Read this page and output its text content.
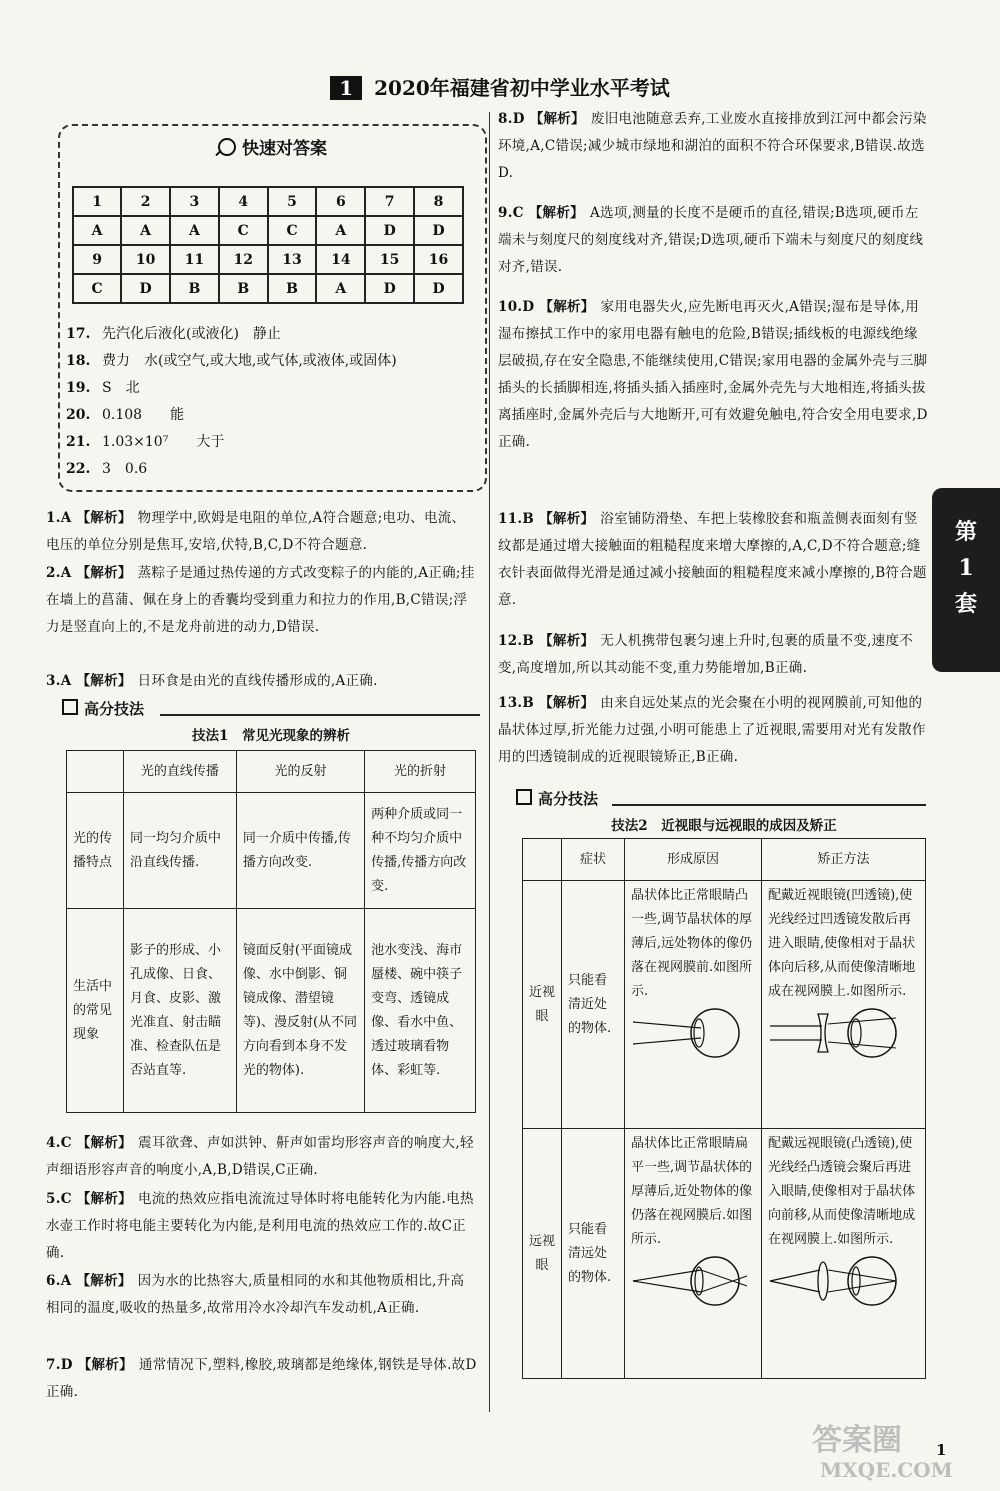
1 2020年福建省初中学业水平考试
快速对答案
1	2	3	4	5	6	7	8
A	A	A	C	C	A	D	D
9	10	11	12	13	14	15	16
C	D	B	B	B	A	D	D
17. 先汽化后液化(或液化)　静止
18. 费力　水(或空气,或大地,或气体,或液体,或固体)
19. S　北
20. 0.108　　能
21. 1.03×10⁷　　大于
22. 3　0.6
1.A 【解析】 物理学中,欧姆是电阻的单位,A符合题意;电功、电流、电压的单位分别是焦耳,安培,伏特,B,C,D不符合题意.
2.A 【解析】 蒸粽子是通过热传递的方式改变粽子的内能的,A正确;挂在墙上的菖蒲、佩在身上的香囊均受到重力和拉力的作用,B,C错误;浮力是竖直向上的,不是龙舟前进的动力,D错误.
3.A 【解析】 日环食是由光的直线传播形成的,A正确.
高分技法
技法1　常见光现象的辨析
	光的直线传播	光的反射	光的折射
光的传播特点	同一均匀介质中沿直线传播.	同一介质中传播,传播方向改变.	两种介质或同一种不均匀介质中传播,传播方向改变.
生活中的常见现象	影子的形成、小孔成像、日食、月食、皮影、激光准直、射击瞄准、检查队伍是否站直等.	镜面反射(平面镜成像、水中倒影、铜镜成像、潜望镜等)、漫反射(从不同方向看到本身不发光的物体).	池水变浅、海市蜃楼、碗中筷子变弯、透镜成像、看水中鱼、透过玻璃看物体、彩虹等.
4.C 【解析】 震耳欲聋、声如洪钟、鼾声如雷均形容声音的响度大,轻声细语形容声音的响度小,A,B,D错误,C正确.
5.C 【解析】 电流的热效应指电流流过导体时将电能转化为内能.电热水壶工作时将电能主要转化为内能,是利用电流的热效应工作的.故C正确.
6.A 【解析】 因为水的比热容大,质量相同的水和其他物质相比,升高相同的温度,吸收的热量多,故常用冷水冷却汽车发动机,A正确.
7.D 【解析】 通常情况下,塑料,橡胶,玻璃都是绝缘体,钢铁是导体.故D正确.
8.D 【解析】 废旧电池随意丢弃,工业废水直接排放到江河中都会污染环境,A,C错误;减少城市绿地和湖泊的面积不符合环保要求,B错误.故选D.
9.C 【解析】 A选项,测量的长度不是硬币的直径,错误;B选项,硬币左端未与刻度尺的刻度线对齐,错误;D选项,硬币下端未与刻度尺的刻度线对齐,错误.
10.D 【解析】 家用电器失火,应先断电再灭火,A错误;湿布是导体,用湿布擦拭工作中的家用电器有触电的危险,B错误;插线板的电源线绝缘层破损,存在安全隐患,不能继续使用,C错误;家用电器的金属外壳与三脚插头的长插脚相连,将插头插入插座时,金属外壳先与大地相连,将插头拔离插座时,金属外壳后与大地断开,可有效避免触电,符合安全用电要求,D正确.
11.B 【解析】 浴室铺防滑垫、车把上装橡胶套和瓶盖侧表面刻有竖纹都是通过增大接触面的粗糙程度来增大摩擦的,A,C,D不符合题意;缝衣针表面做得光滑是通过减小接触面的粗糙程度来减小摩擦的,B符合题意.
12.B 【解析】 无人机携带包裹匀速上升时,包裹的质量不变,速度不变,高度增加,所以其动能不变,重力势能增加,B正确.
13.B 【解析】 由来自远处某点的光会聚在小明的视网膜前,可知他的晶状体过厚,折光能力过强,小明可能患上了近视眼,需要用对光有发散作用的凹透镜制成的近视眼镜矫正,B正确.
高分技法
技法2　近视眼与远视眼的成因及矫正
	症状	形成原因	矫正方法
近视眼	只能看清近处的物体.	晶状体比正常眼睛凸一些,调节晶状体的厚薄后,远处物体的像仍落在视网膜前.如图所示.	配戴近视眼镜(凹透镜),使光线经过凹透镜发散后再进入眼睛,使像相对于晶状体向后移,从而使像清晰地成在视网膜上.如图所示.

远视眼	只能看清远处的物体.	晶状体比正常眼睛扁平一些,调节晶状体的厚薄后,近处物体的像仍落在视网膜后.如图所示.	配戴远视眼镜(凸透镜),使光线经凸透镜会聚后再进入眼睛,使像相对于晶状体向前移,从而使像清晰地成在视网膜上.如图所示.
第
1
套
答案圈
MXQE.COM
1
